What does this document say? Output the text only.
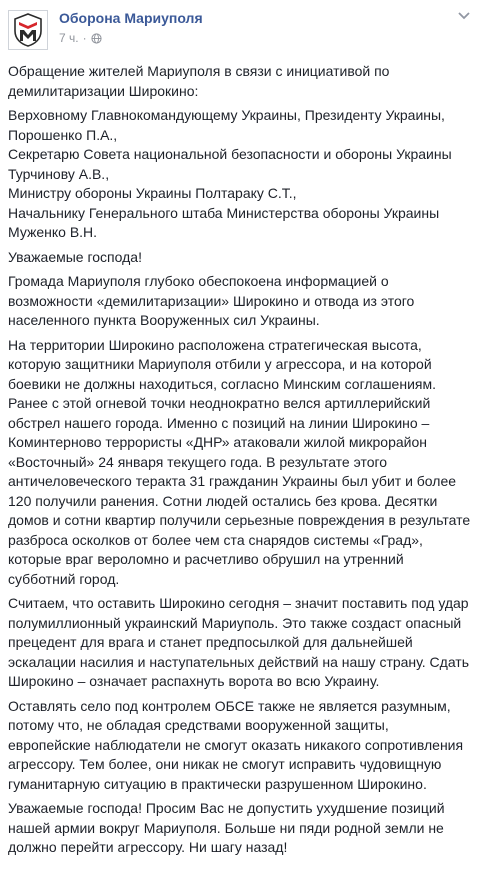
Оборона Мариуполя
7 ч. ·

Обращение жителей Мариуполя в связи с инициативой по демилитаризации Широкино:

Верховному Главнокомандующему Украины, Президенту Украины, Порошенко П.А.,
Секретарю Совета национальной безопасности и обороны Украины Турчинову А.В.,
Министру обороны Украины Полтараку С.Т.,
Начальнику Генерального штаба Министерства обороны Украины Муженко В.Н.

Уважаемые господа!

Громада Мариуполя глубоко обеспокоена информацией о возможности «демилитаризации» Широкино и отвода из этого населенного пункта Вооруженных сил Украины.

На территории Широкино расположена стратегическая высота, которую защитники Мариуполя отбили у агрессора, и на которой боевики не должны находиться, согласно Минским соглашениям. Ранее с этой огневой точки неоднократно велся артиллерийский обстрел нашего города. Именно с позиций на линии Широкино – Коминтерново террористы «ДНР» атаковали жилой микрорайон «Восточный» 24 января текущего года. В результате этого античеловеческого теракта 31 гражданин Украины был убит и более 120 получили ранения. Сотни людей остались без крова. Десятки домов и сотни квартир получили серьезные повреждения в результате разброса осколков от более чем ста снарядов системы «Град», которые враг вероломно и расчетливо обрушил на утренний субботний город.

Считаем, что оставить Широкино сегодня – значит поставить под удар полумиллионный украинский Мариуполь. Это также создаст опасный прецедент для врага и станет предпосылкой для дальнейшей эскалации насилия и наступательных действий на нашу страну. Сдать Широкино – означает распахнуть ворота во всю Украину.

Оставлять село под контролем ОБСЕ также не является разумным, потому что, не обладая средствами вооруженной защиты, европейские наблюдатели не смогут оказать никакого сопротивления агрессору. Тем более, они никак не смогут исправить чудовищную гуманитарную ситуацию в практически разрушенном Широкино.

Уважаемые господа! Просим Вас не допустить ухудшение позиций нашей армии вокруг Мариуполя. Больше ни пяди родной земли не должно перейти агрессору. Ни шагу назад!
